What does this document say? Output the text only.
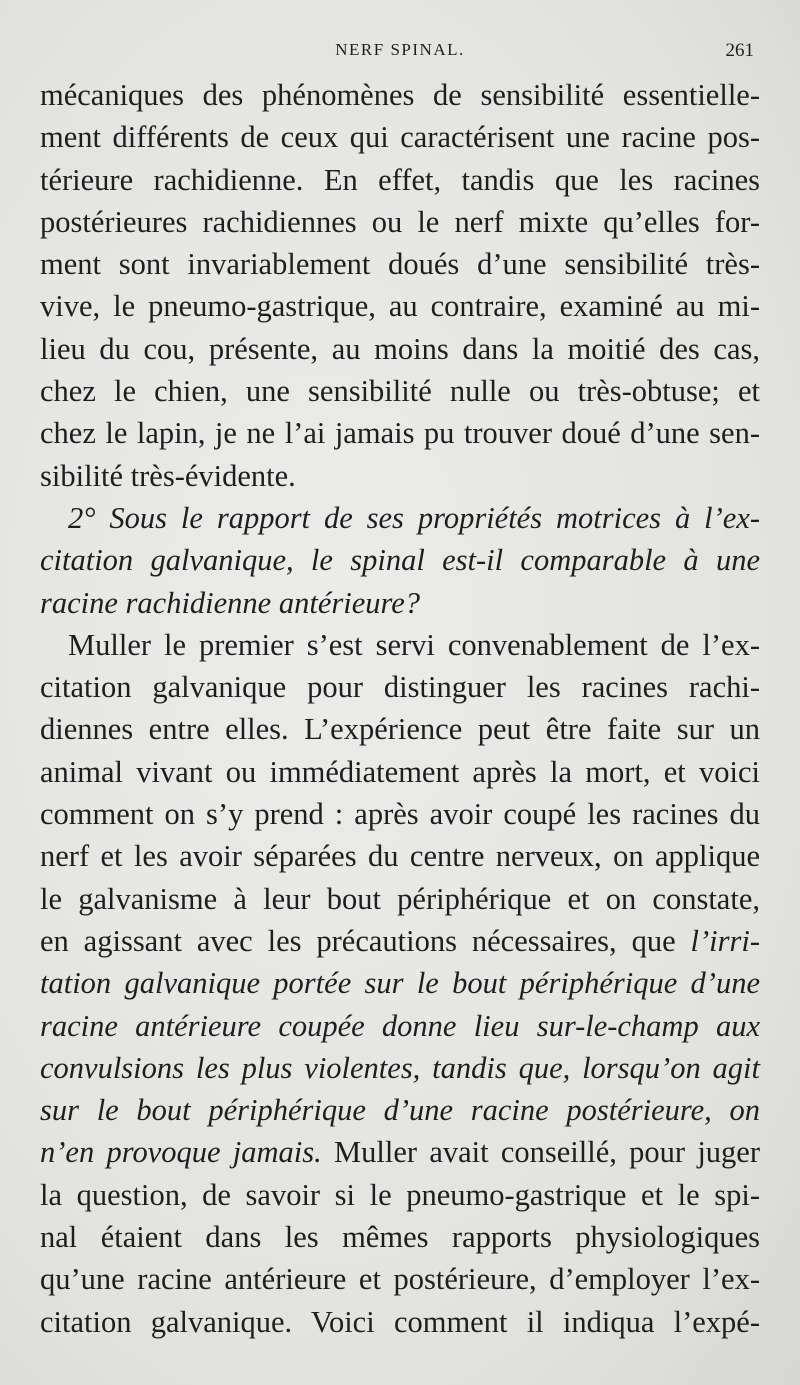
NERF SPINAL.	261
mécaniques des phénomènes de sensibilité essentielle-
ment différents de ceux qui caractérisent une racine pos-
térieure rachidienne. En effet, tandis que les racines
postérieures rachidiennes ou le nerf mixte qu’elles for-
ment sont invariablement doués d’une sensibilité très-
vive, le pneumo-gastrique, au contraire, examiné au mi-
lieu du cou, présente, au moins dans la moitié des cas,
chez le chien, une sensibilité nulle ou très-obtuse; et
chez le lapin, je ne l’ai jamais pu trouver doué d’une sen-
sibilité très-évidente.
2° Sous le rapport de ses propriétés motrices à l’ex-
citation galvanique, le spinal est-il comparable à une
racine rachidienne antérieure?
Muller le premier s’est servi convenablement de l’ex-
citation galvanique pour distinguer les racines rachi-
diennes entre elles. L’expérience peut être faite sur un
animal vivant ou immédiatement après la mort, et voici
comment on s’y prend : après avoir coupé les racines du
nerf et les avoir séparées du centre nerveux, on applique
le galvanisme à leur bout périphérique et on constate,
en agissant avec les précautions nécessaires, que l’irri-
tation galvanique portée sur le bout périphérique d’une
racine antérieure coupée donne lieu sur-le-champ aux
convulsions les plus violentes, tandis que, lorsqu’on agit
sur le bout périphérique d’une racine postérieure, on
n’en provoque jamais. Muller avait conseillé, pour juger
la question, de savoir si le pneumo-gastrique et le spi-
nal étaient dans les mêmes rapports physiologiques
qu’une racine antérieure et postérieure, d’employer l’ex-
citation galvanique. Voici comment il indiqua l’expé-
